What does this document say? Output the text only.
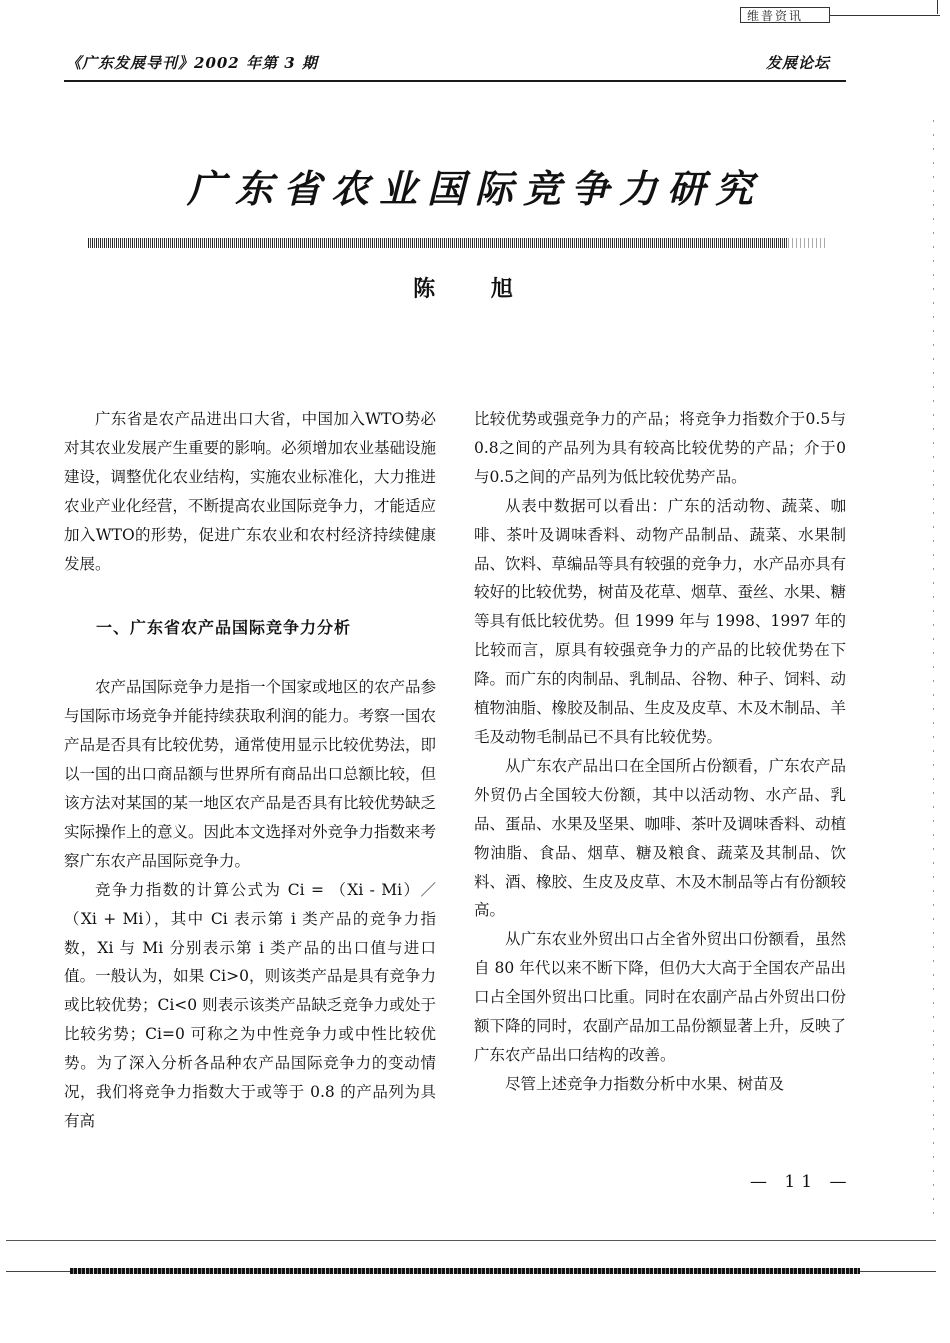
维普资讯
《广东发展导刊》2002 年第 3 期	发展论坛
广东省农业国际竞争力研究
陈 旭

广东省是农产品进出口大省，中国加入WTO势必对其农业发展产生重要的影响。必须增加农业基础设施建设，调整优化农业结构，实施农业标准化，大力推进农业产业化经营，不断提高农业国际竞争力，才能适应加入WTO的形势，促进广东农业和农村经济持续健康发展。

一、广东省农产品国际竞争力分析

农产品国际竞争力是指一个国家或地区的农产品参与国际市场竞争并能持续获取利润的能力。考察一国农产品是否具有比较优势，通常使用显示比较优势法，即以一国的出口商品额与世界所有商品出口总额比较，但该方法对某国的某一地区农产品是否具有比较优势缺乏实际操作上的意义。因此本文选择对外竞争力指数来考察广东农产品国际竞争力。

竞争力指数的计算公式为 Ci = （Xi - Mi）／（Xi + Mi），其中 Ci 表示第 i 类产品的竞争力指数，Xi 与 Mi 分别表示第 i 类产品的出口值与进口值。一般认为，如果 Ci>0，则该类产品是具有竞争力或比较优势；Ci<0 则表示该类产品缺乏竞争力或处于比较劣势；Ci=0 可称之为中性竞争力或中性比较优势。为了深入分析各品种农产品国际竞争力的变动情况，我们将竞争力指数大于或等于 0.8 的产品列为具有高

比较优势或强竞争力的产品；将竞争力指数介于0.5与0.8之间的产品列为具有较高比较优势的产品；介于0与0.5之间的产品列为低比较优势产品。

从表中数据可以看出：广东的活动物、蔬菜、咖啡、茶叶及调味香料、动物产品制品、蔬菜、水果制品、饮料、草编品等具有较强的竞争力，水产品亦具有较好的比较优势，树苗及花草、烟草、蚕丝、水果、糖等具有低比较优势。但 1999 年与 1998、1997 年的比较而言，原具有较强竞争力的产品的比较优势在下降。而广东的肉制品、乳制品、谷物、种子、饲料、动植物油脂、橡胶及制品、生皮及皮草、木及木制品、羊毛及动物毛制品已不具有比较优势。

从广东农产品出口在全国所占份额看，广东农产品外贸仍占全国较大份额，其中以活动物、水产品、乳品、蛋品、水果及坚果、咖啡、茶叶及调味香料、动植物油脂、食品、烟草、糖及粮食、蔬菜及其制品、饮料、酒、橡胶、生皮及皮草、木及木制品等占有份额较高。

从广东农业外贸出口占全省外贸出口份额看，虽然自 80 年代以来不断下降，但仍大大高于全国农产品出口占全国外贸出口比重。同时在农副产品占外贸出口份额下降的同时，农副产品加工品份额显著上升，反映了广东农产品出口结构的改善。

尽管上述竞争力指数分析中水果、树苗及

— 11 —
